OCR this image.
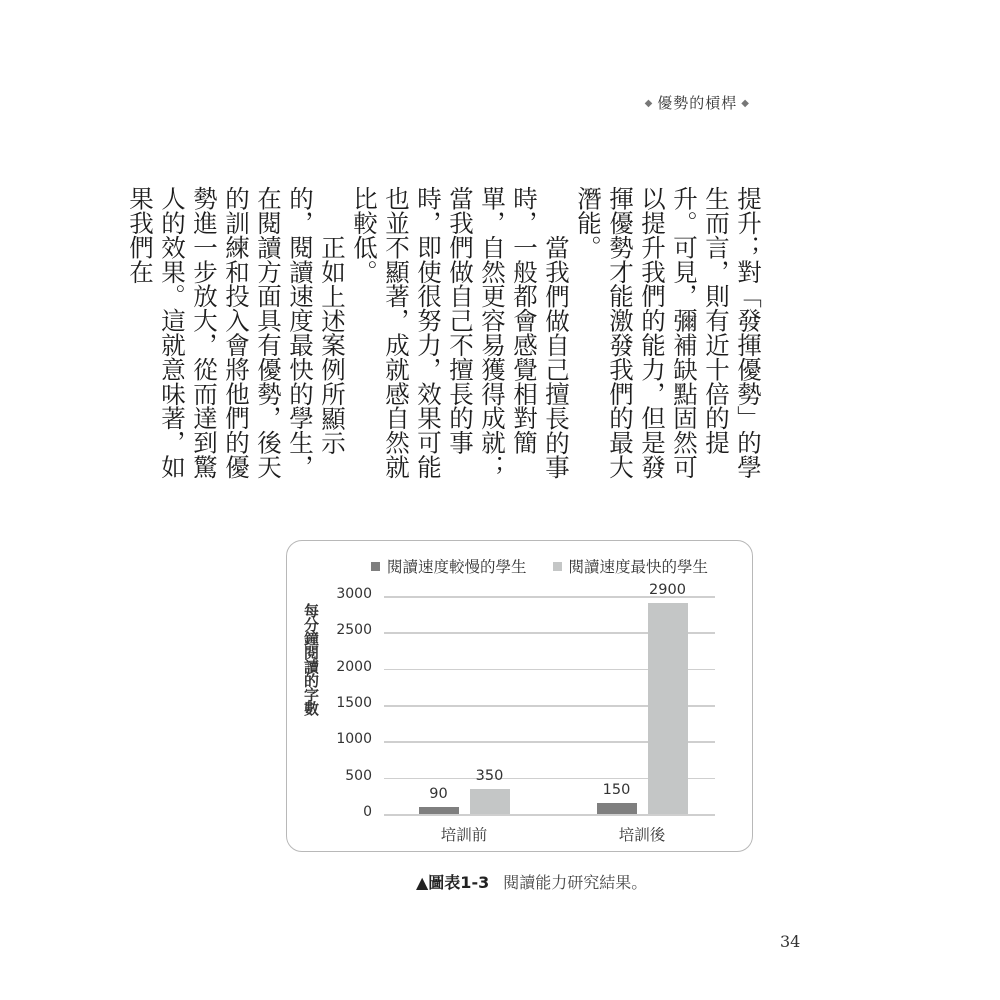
◆ 優勢的槓桿 ◆

提升；對「發揮優勢」的學生而言，則有近十倍的提升。可見，彌補缺點固然可以提升我們的能力，但是發揮優勢才能激發我們的最大潛能。

當我們做自己擅長的事時，一般都會感覺相對簡單，自然更容易獲得成就；當我們做自己不擅長的事時，即使很努力，效果可能也並不顯著，成就感自然就比較低。

正如上述案例所顯示的，閱讀速度最快的學生，在閱讀方面具有優勢，後天的訓練和投入會將他們的優勢進一步放大，從而達到驚人的效果。這就意味著，如果我們在

閱讀速度較慢的學生	閱讀速度最快的學生
每分鐘閱讀的字數
0
500
1000
1500
2000
2500
3000
90
350
培訓前
150
2900
培訓後
▲圖表1-3 閱讀能力研究結果。
34
